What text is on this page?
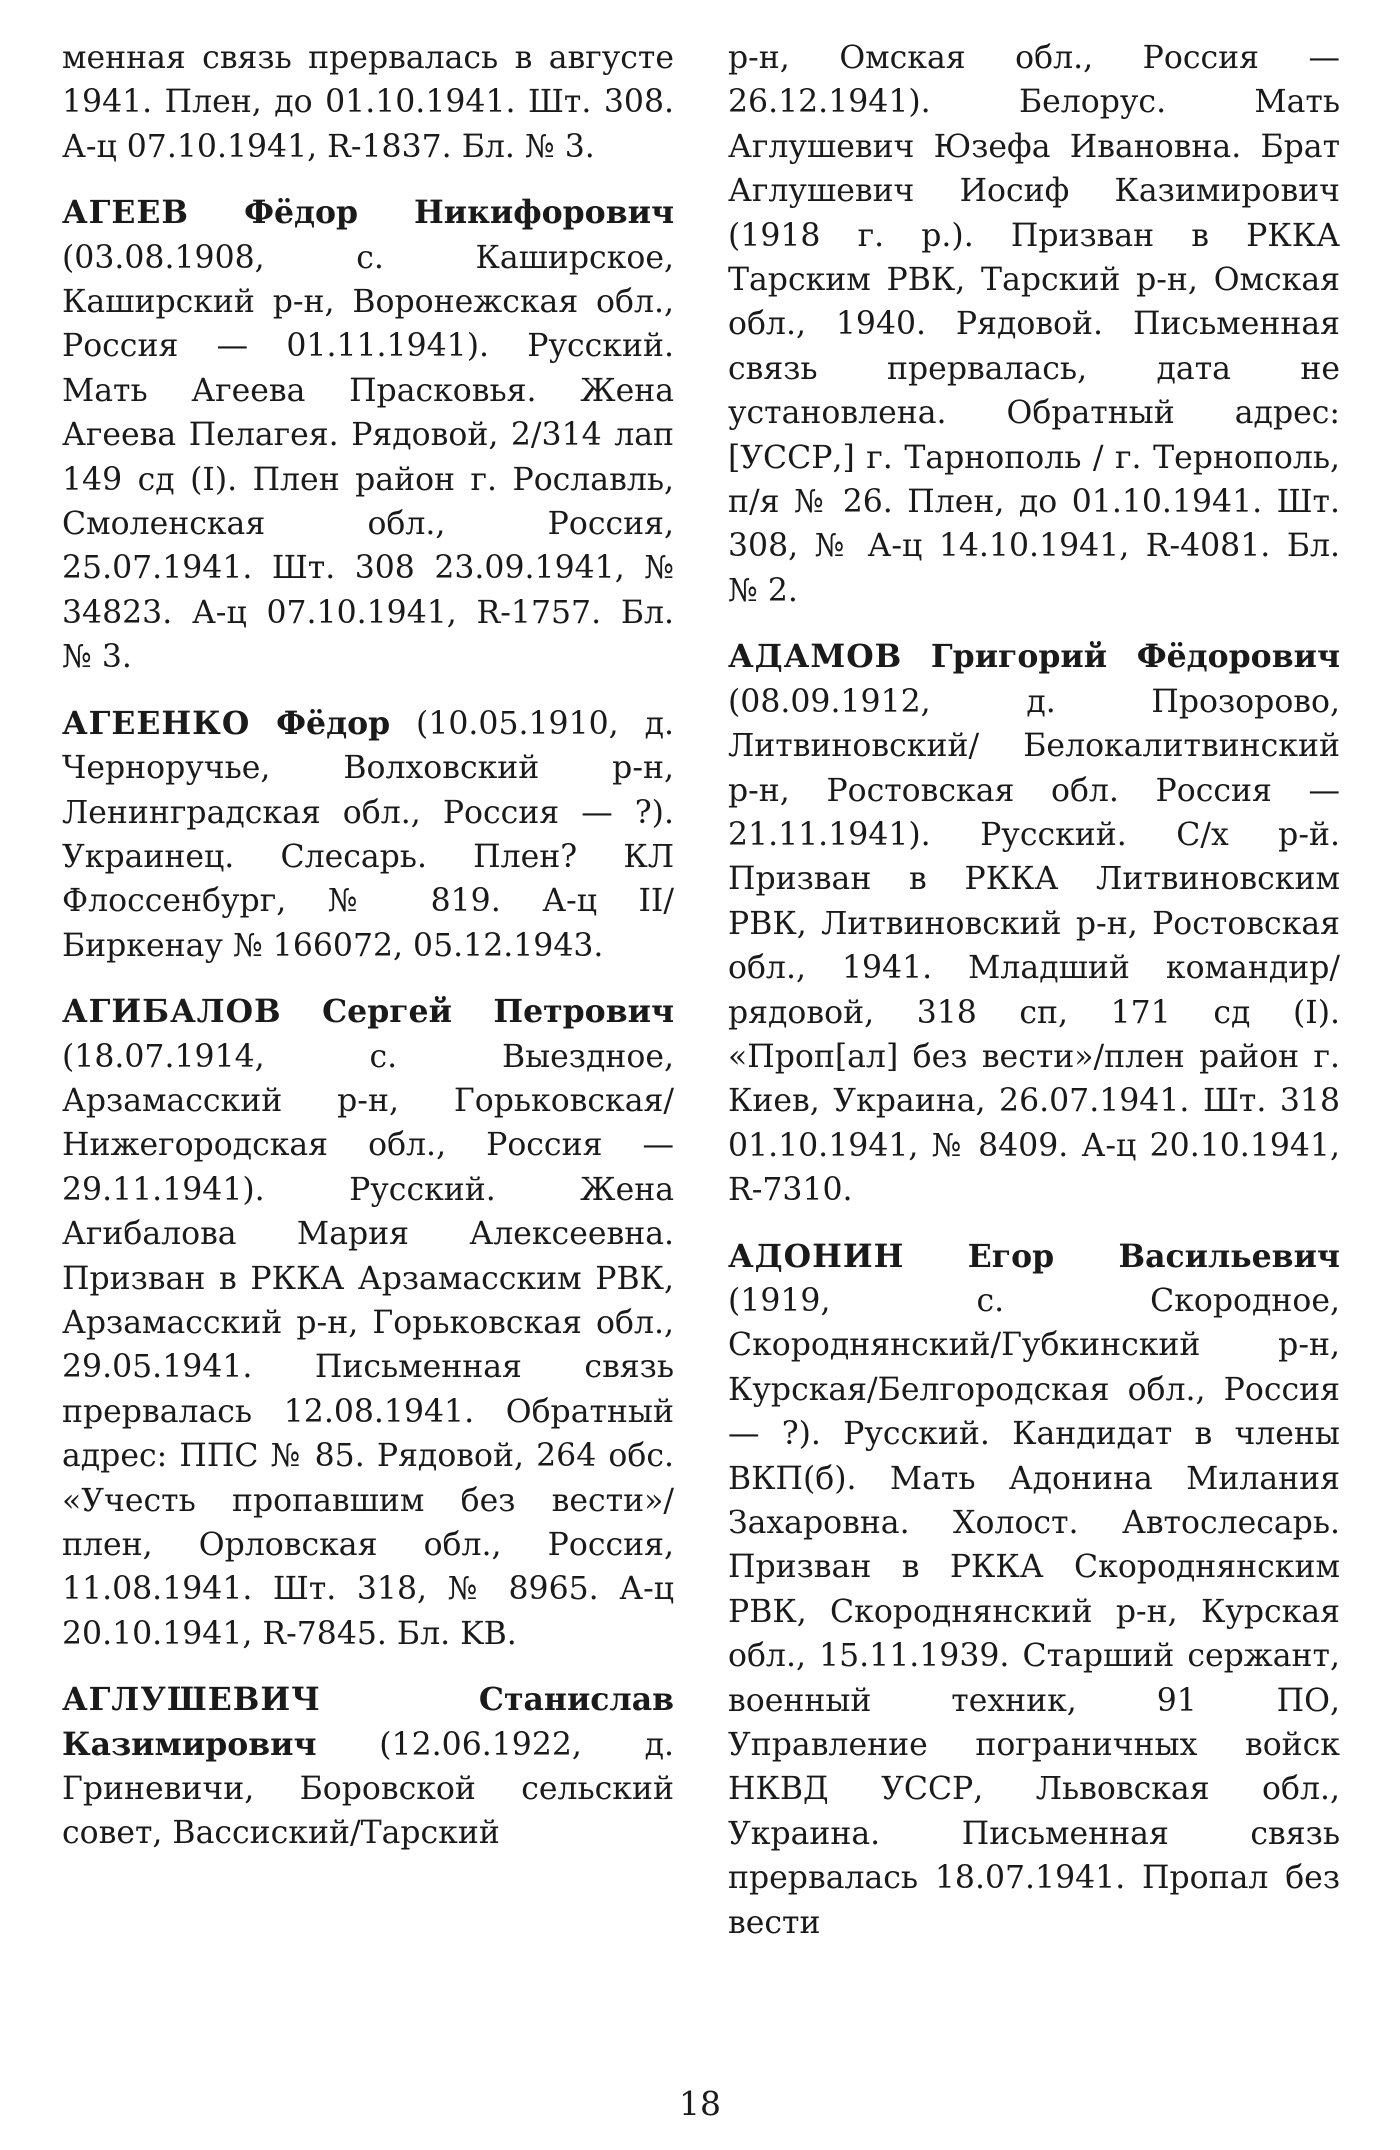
менная связь прервалась в августе 1941. Плен, до 01.10.1941. Шт. 308. А-ц 07.10.1941, R-1837. Бл. № 3.

АГЕЕВ Фёдор Никифорович (03.08.1908, с. Каширское, Каширский р-н, Воронежская обл., Россия — 01.11.1941). Русский. Мать Агеева Прасковья. Жена Агеева Пелагея. Рядовой, 2/314 лап 149 сд (I). Плен район г. Рославль, Смоленская обл., Россия, 25.07.1941. Шт. 308 23.09.1941, № 34823. А-ц 07.10.1941, R-1757. Бл. № 3.

АГЕЕНКО Фёдор (10.05.1910, д. Черноручье, Волховский р-н, Ленинградская обл., Россия — ?). Украинец. Слесарь. Плен? КЛ Флоссенбург, № 819. А-ц II/Биркенау № 166072, 05.12.1943.

АГИБАЛОВ Сергей Петрович (18.07.1914, с. Выездное, Арзамасский р-н, Горьковская/ Нижегородская обл., Россия — 29.11.1941). Русский. Жена Агибалова Мария Алексеевна. Призван в РККА Арзамасским РВК, Арзамасский р-н, Горьковская обл., 29.05.1941. Письменная связь прервалась 12.08.1941. Обратный адрес: ППС № 85. Рядовой, 264 обс. «Учесть пропавшим без вести»/ плен, Орловская обл., Россия, 11.08.1941. Шт. 318, № 8965. А-ц 20.10.1941, R-7845. Бл. KB.

АГЛУШЕВИЧ	Станислав Казимирович (12.06.1922, д. Гриневичи, Боровской сельский совет, Вассиский/Тарский

р-н, Омская обл., Россия — 26.12.1941). Белорус. Мать Аглушевич Юзефа Ивановна. Брат Аглушевич Иосиф Казимирович (1918 г. р.). Призван в РККА Тарским РВК, Тарский р-н, Омская обл., 1940. Рядовой. Письменная связь прервалась, дата не установлена. Обратный адрес: [УССР,] г. Тарнополь / г. Тернополь, п/я № 26. Плен, до 01.10.1941. Шт. 308, № А-ц 14.10.1941, R-4081. Бл. № 2.

АДАМОВ Григорий Фёдорович (08.09.1912, д. Прозорово, Литвиновский/ Белокалитвинский р-н, Ростовская обл. Россия — 21.11.1941). Русский. С/х р-й. Призван в РККА Литвиновским РВК, Литвиновский р-н, Ростовская обл., 1941. Младший командир/рядовой, 318 сп, 171 сд (I). «Проп[ал] без вести»/плен район г. Киев, Украина, 26.07.1941. Шт. 318 01.10.1941, № 8409. А-ц 20.10.1941, R-7310.

АДОНИН Егор Васильевич (1919, с. Скородное, Скороднянский/Губкинский р-н, Курская/Белгородская обл., Россия — ?). Русский. Кандидат в члены ВКП(б). Мать Адонина Милания Захаровна. Холост. Автослесарь. Призван в РККА Скороднянским РВК, Скороднянский р-н, Курская обл., 15.11.1939. Старший сержант, военный техник, 91 ПО, Управление пограничных войск НКВД УССР, Львовская обл., Украина. Письменная связь прервалась 18.07.1941. Пропал без вести

18
